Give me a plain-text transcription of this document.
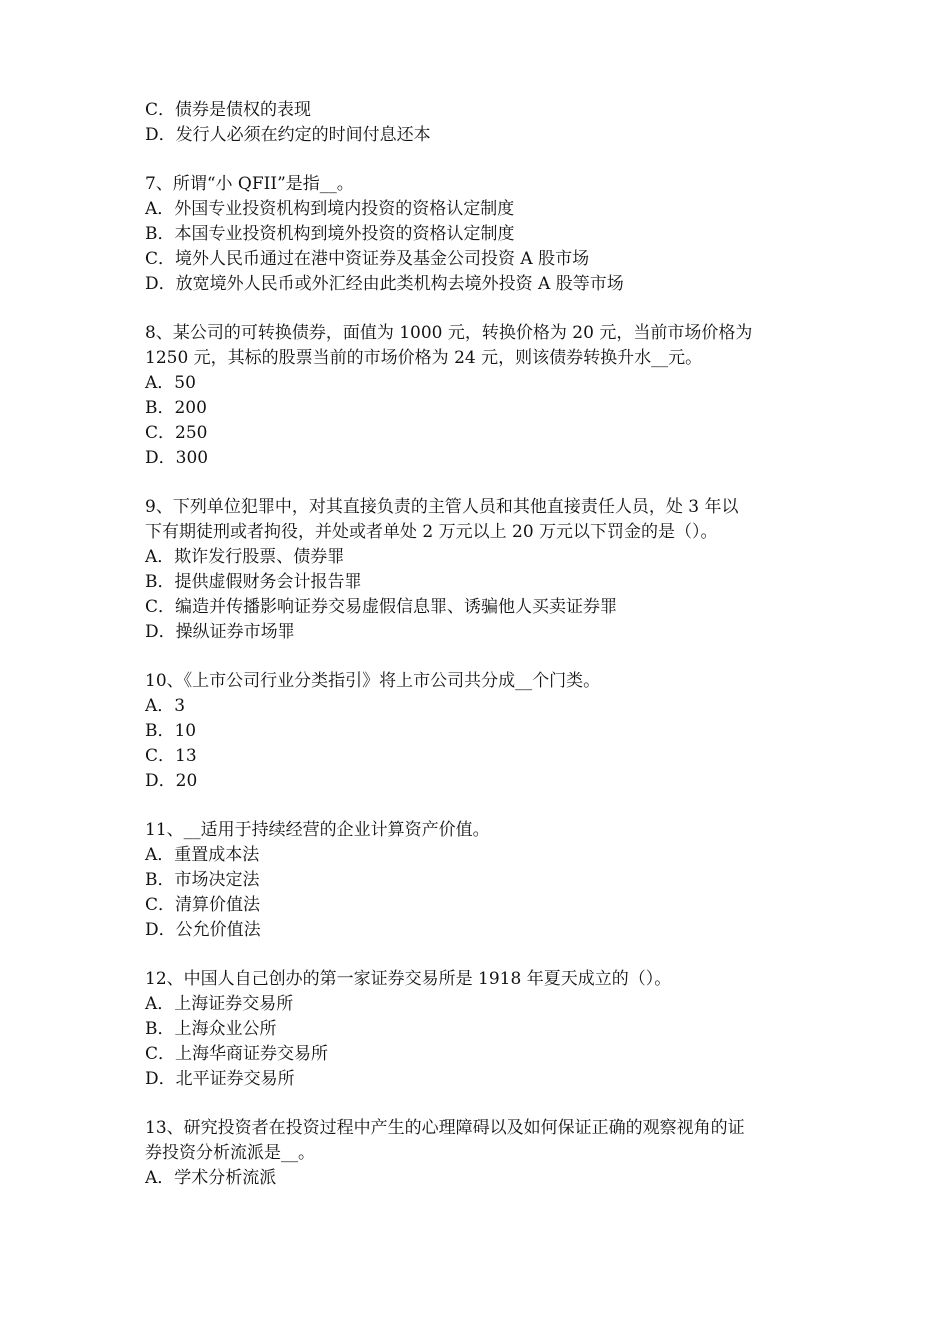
C．债券是债权的表现
D．发行人必须在约定的时间付息还本
7、所谓“小 QFII”是指__。
A．外国专业投资机构到境内投资的资格认定制度
B．本国专业投资机构到境外投资的资格认定制度
C．境外人民币通过在港中资证券及基金公司投资 A 股市场
D．放宽境外人民币或外汇经由此类机构去境外投资 A 股等市场
8、某公司的可转换债券，面值为 1000 元，转换价格为 20 元，当前市场价格为
1250 元，其标的股票当前的市场价格为 24 元，则该债券转换升水__元。
A．50
B．200
C．250
D．300
9、下列单位犯罪中，对其直接负责的主管人员和其他直接责任人员，处 3 年以
下有期徒刑或者拘役，并处或者单处 2 万元以上 20 万元以下罚金的是（）。
A．欺诈发行股票、债券罪
B．提供虚假财务会计报告罪
C．编造并传播影响证券交易虚假信息罪、诱骗他人买卖证券罪
D．操纵证券市场罪
10、《上市公司行业分类指引》将上市公司共分成__个门类。
A．3
B．10
C．13
D．20
11、__适用于持续经营的企业计算资产价值。
A．重置成本法
B．市场决定法
C．清算价值法
D．公允价值法
12、中国人自己创办的第一家证券交易所是 1918 年夏天成立的（）。
A．上海证券交易所
B．上海众业公所
C．上海华商证券交易所
D．北平证券交易所
13、研究投资者在投资过程中产生的心理障碍以及如何保证正确的观察视角的证
券投资分析流派是__。
A．学术分析流派
